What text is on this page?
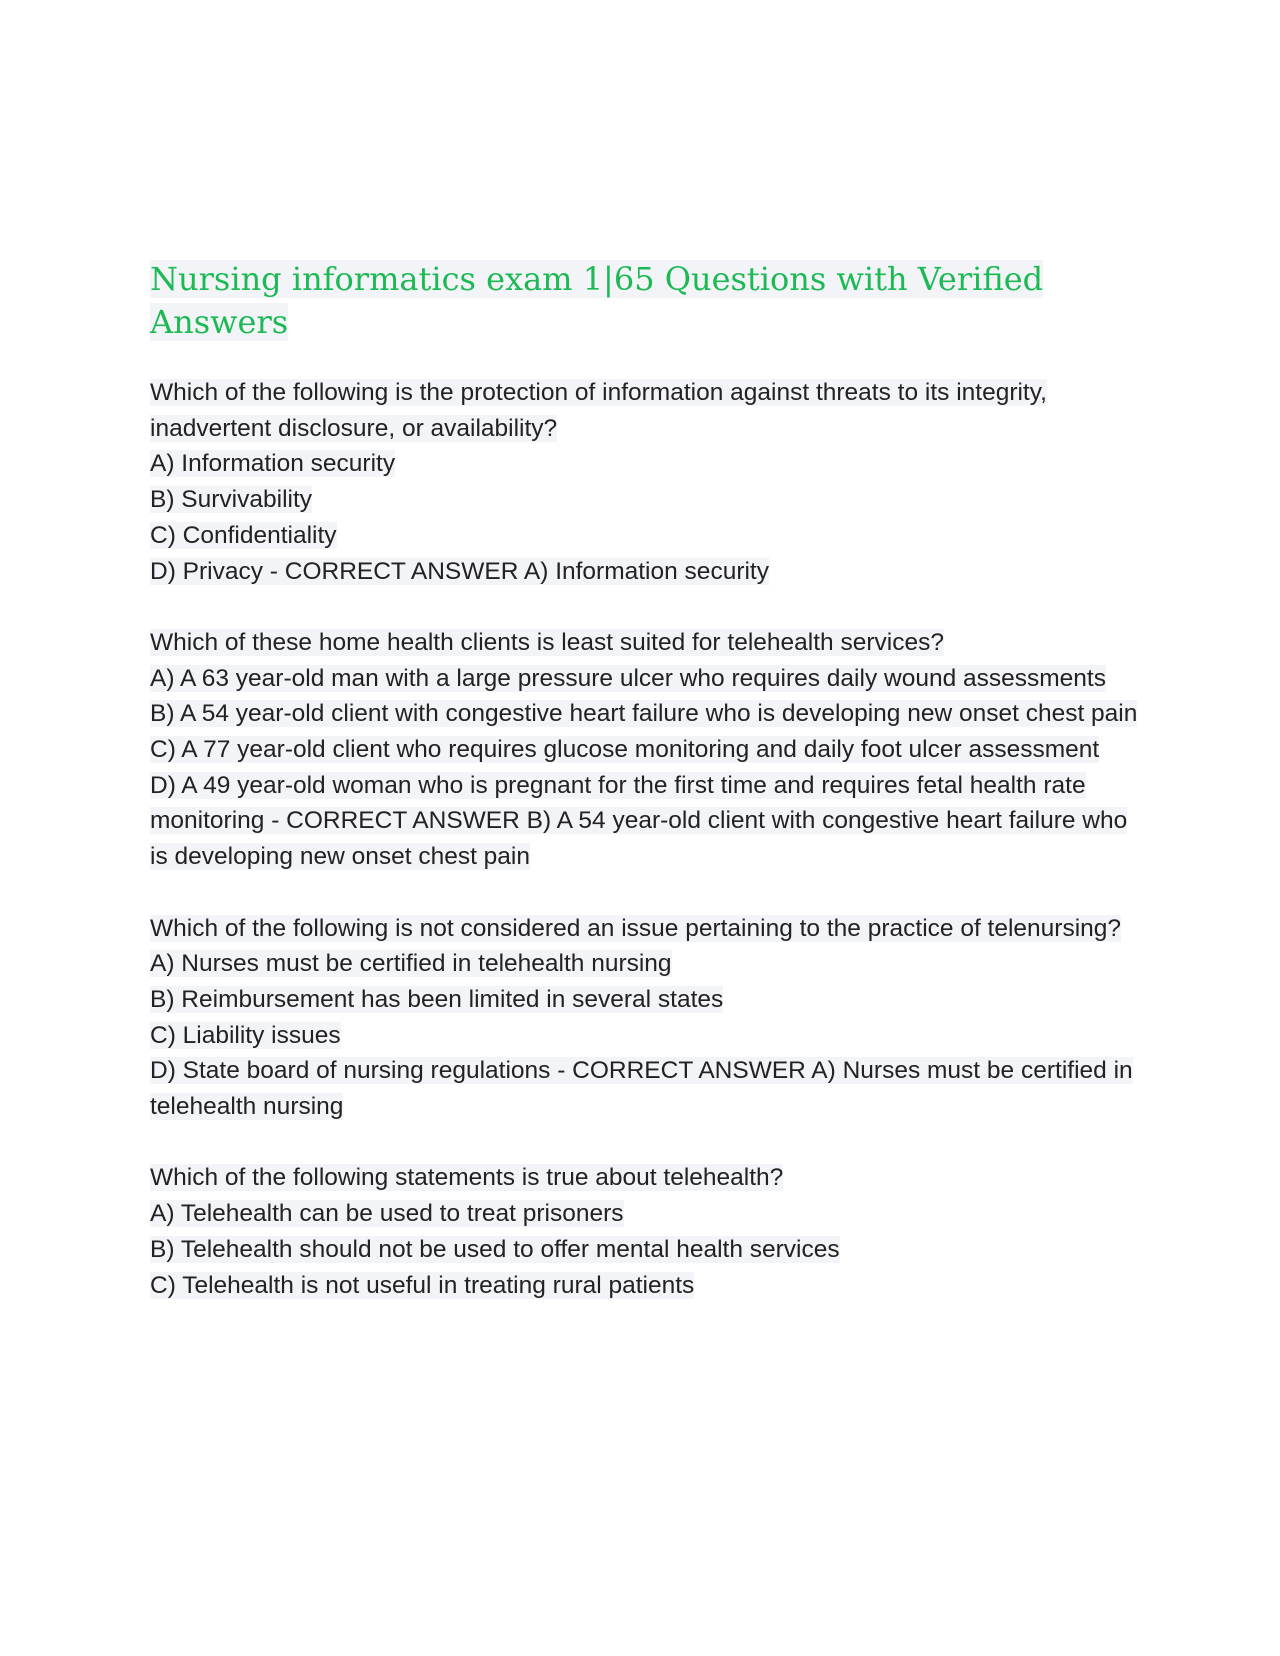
Nursing informatics exam 1|65 Questions with Verified Answers
Which of the following is the protection of information against threats to its integrity, inadvertent disclosure, or availability?
A) Information security
B) Survivability
C) Confidentiality
D) Privacy - CORRECT ANSWER A) Information security
Which of these home health clients is least suited for telehealth services?
A) A 63 year-old man with a large pressure ulcer who requires daily wound assessments
B) A 54 year-old client with congestive heart failure who is developing new onset chest pain
C) A 77 year-old client who requires glucose monitoring and daily foot ulcer assessment
D) A 49 year-old woman who is pregnant for the first time and requires fetal health rate monitoring - CORRECT ANSWER B) A 54 year-old client with congestive heart failure who is developing new onset chest pain
Which of the following is not considered an issue pertaining to the practice of telenursing?
A) Nurses must be certified in telehealth nursing
B) Reimbursement has been limited in several states
C) Liability issues
D) State board of nursing regulations - CORRECT ANSWER A) Nurses must be certified in telehealth nursing
Which of the following statements is true about telehealth?
A) Telehealth can be used to treat prisoners
B) Telehealth should not be used to offer mental health services
C) Telehealth is not useful in treating rural patients
